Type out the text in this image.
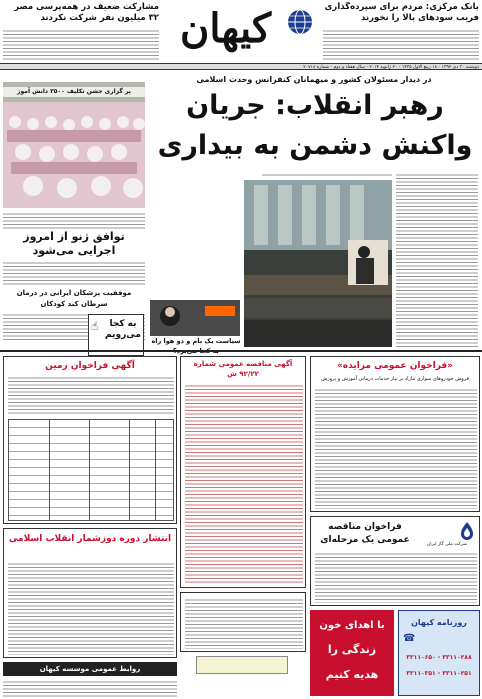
بانک مرکزی: مردم برای سپرده‌گذاری فریب سودهای بالا را نخورند
کیهان
مشارکت ضعیف در همه‌پرسی مصر ۳۲ میلیون نفر شرکت نکردند
دوشنبه ۳۰ دی ۱۳۹۲ - ۱۸ ربیع الاول ۱۴۳۵ - ۲۰ ژانویه ۲۰۱۴ - سال هفتاد و دوم - شماره ۲۰۷۱۸
در دیدار مسئولان کشور و میهمانان کنفرانس وحدت اسلامی
رهبر انقلاب: جریان
واکنش دشمن به بیداری
پر گزاری جشن تکلیف ۳۵۰۰ دانش آموز
توافق ژنو از امروز اجرایی می‌شود
موفقیت پزشکان ایرانی در درمان سرطان کبد کودکان
☝	به کجا می‌رویم
سیاست یک بام و دو هوا راه
آگهی مناقصه عمومی شماره ۹۲/۲۲ ش
آگهی فراخوان زمین
انتشار دوره دوزشمار انقلاب اسلامی
روابط عمومی موسسه کیهان
«فراخوان عمومی مزایده»
فروش خودروهای سواری مازاد بر نیاز خدمات درمانی آموزش و پرورش
شرکت ملی گاز ایران
فراخوان مناقصه عمومی یک مرحله‌ای
با اهدای خون
زندگی را
هدیه کنیم
روزنامه کیهان
☎
۳۳۱۱۰۶۵۰ - ۳۳۱۱۰۲۸۸
۳۳۱۱۰۳۵۱ - ۳۳۱۱۰۲۵۱
